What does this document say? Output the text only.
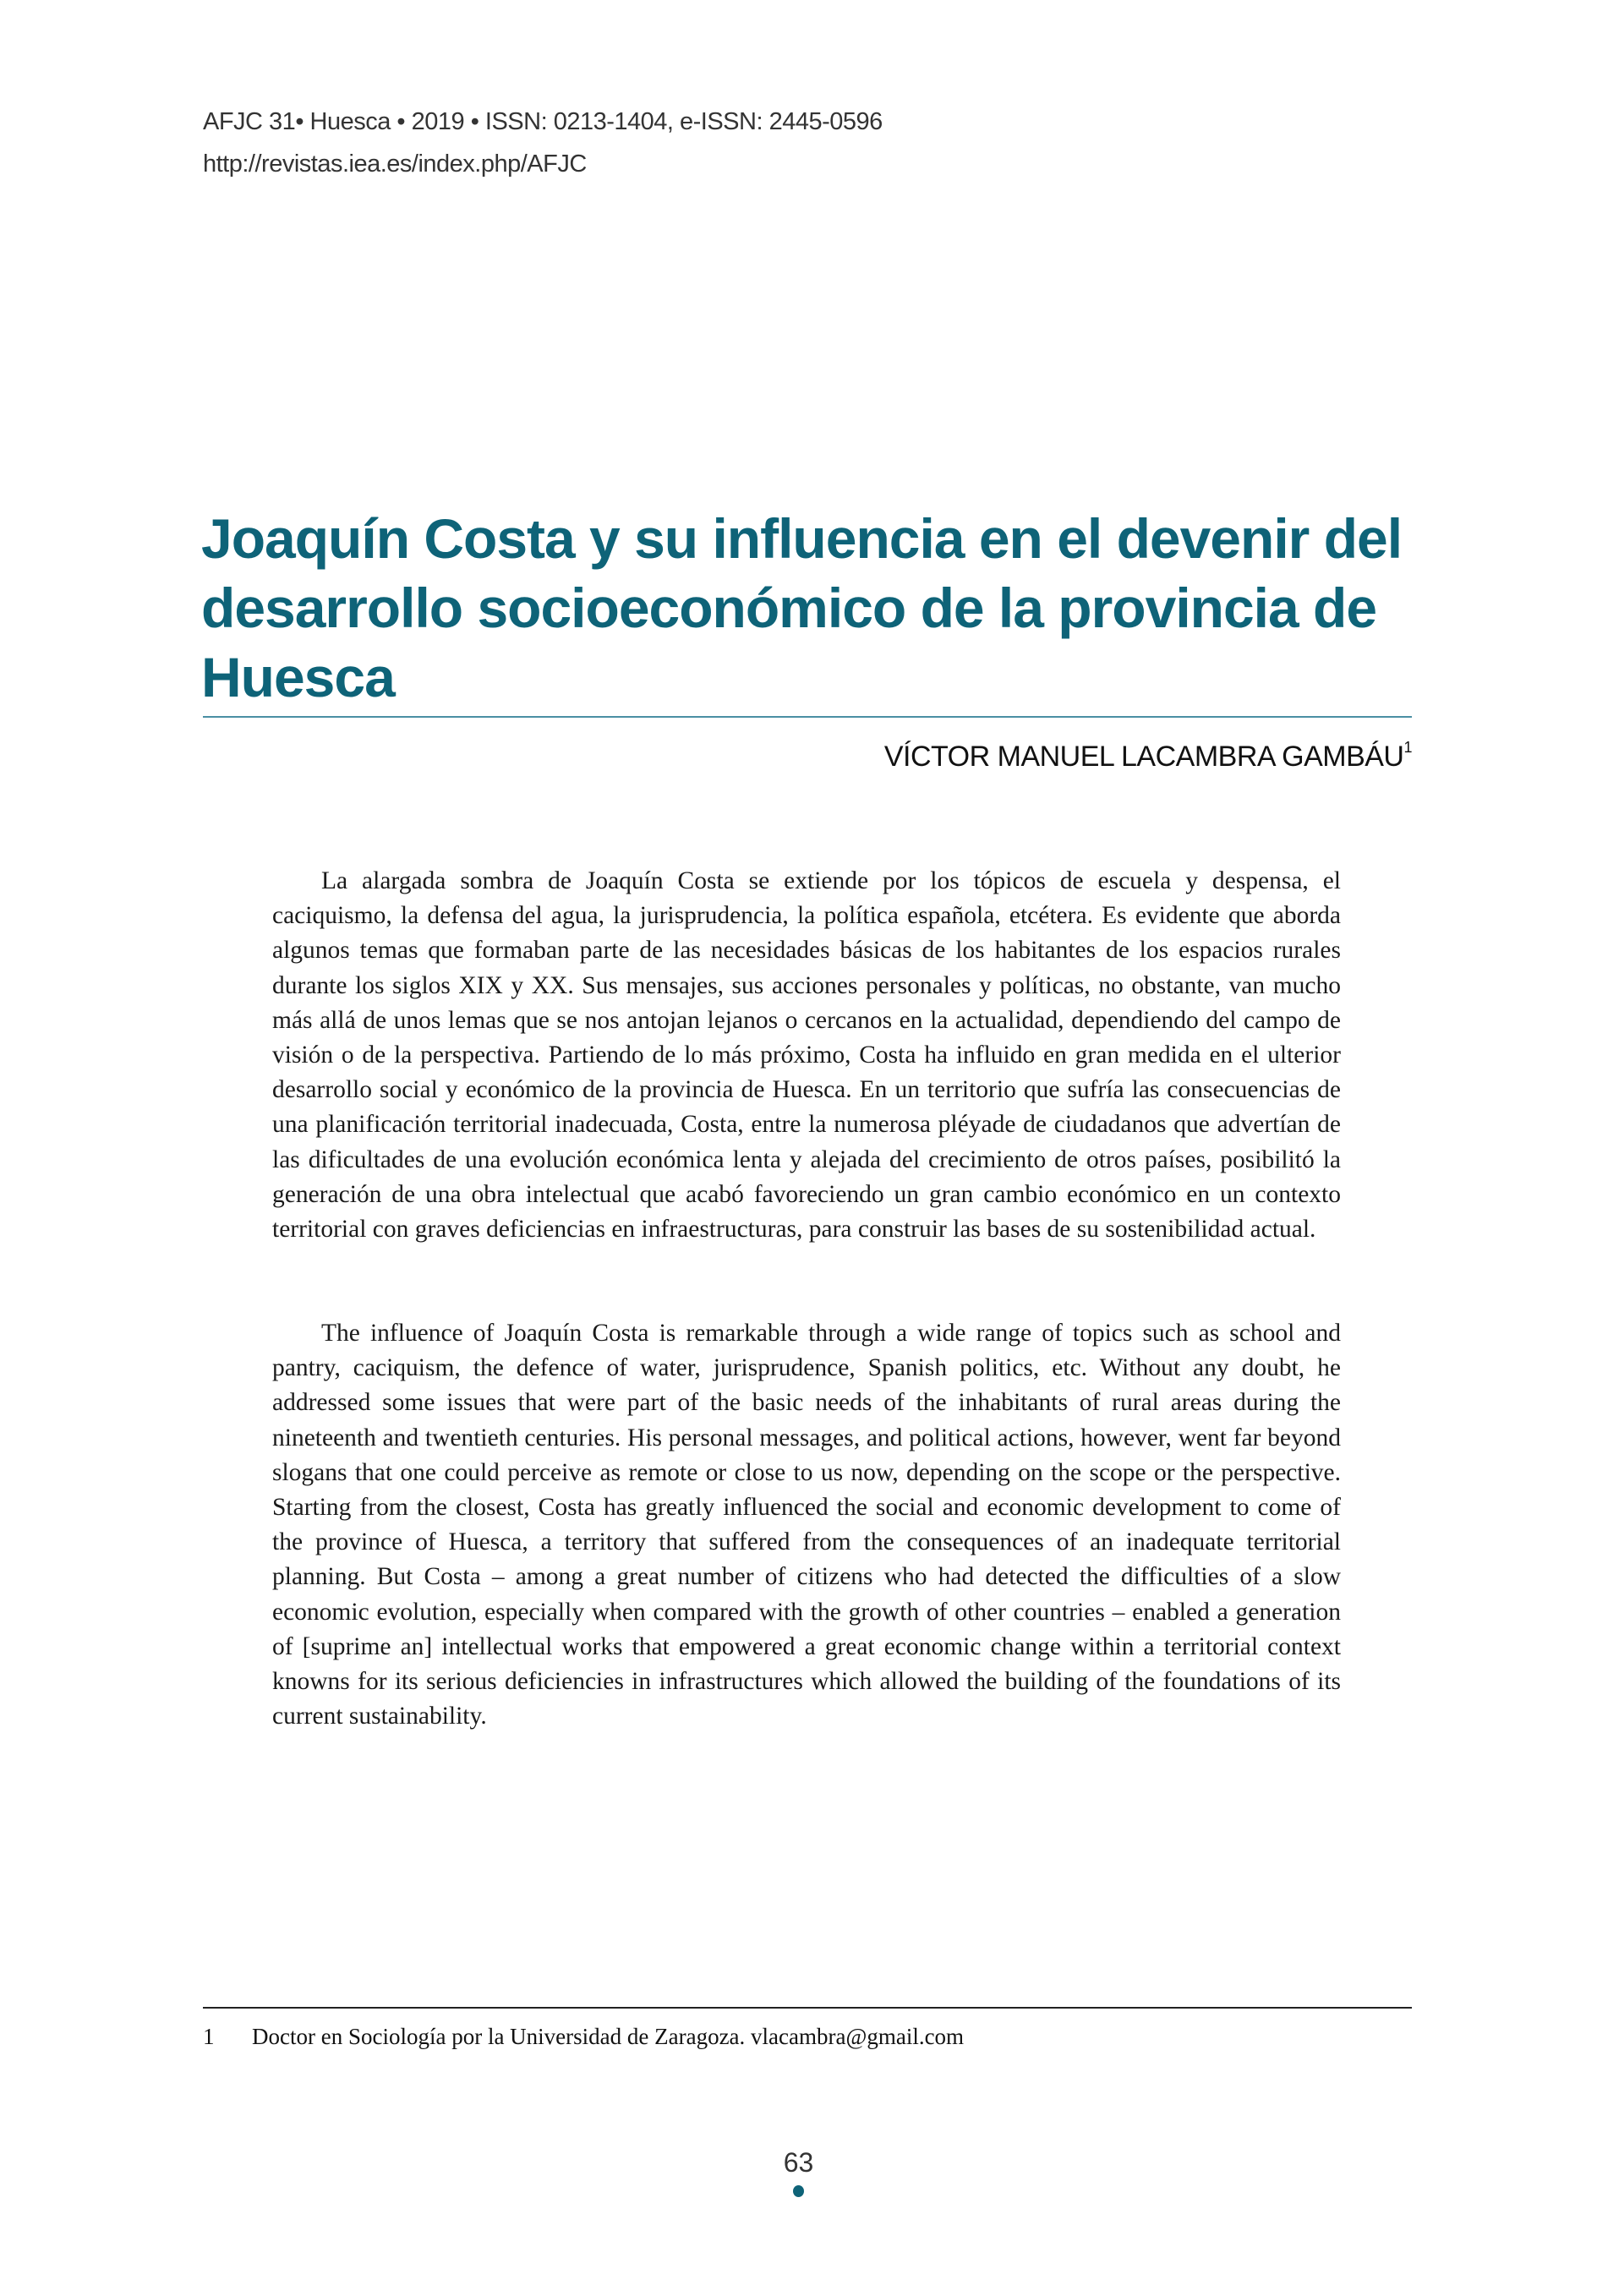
AFJC 31• Huesca • 2019 • ISSN: 0213-1404, e-ISSN: 2445-0596
http://revistas.iea.es/index.php/AFJC
Joaquín Costa y su influencia en el devenir del desarrollo socioeconómico de la provincia de Huesca
VÍCTOR MANUEL LACAMBRA GAMBÁU$^1$

La alargada sombra de Joaquín Costa se extiende por los tópicos de escuela y despensa, el caciquismo, la defensa del agua, la jurisprudencia, la política española, etcétera. Es evidente que aborda algunos temas que formaban parte de las necesidades básicas de los habitantes de los espacios rurales durante los siglos XIX y XX. Sus mensajes, sus acciones personales y políticas, no obstante, van mucho más allá de unos lemas que se nos antojan lejanos o cercanos en la actualidad, dependiendo del campo de visión o de la perspectiva. Partiendo de lo más próximo, Costa ha influido en gran medida en el ulterior desarrollo social y económico de la provincia de Huesca. En un territorio que sufría las consecuencias de una planificación territorial inadecuada, Costa, entre la numerosa pléyade de ciudadanos que advertían de las dificultades de una evolución económica lenta y alejada del crecimiento de otros países, posibilitó la generación de una obra intelectual que acabó favoreciendo un gran cambio económico en un contexto territorial con graves deficiencias en infraestructuras, para construir las bases de su sostenibilidad actual.

The influence of Joaquín Costa is remarkable through a wide range of topics such as school and pantry, caciquism, the defence of water, jurisprudence, Spanish politics, etc. Without any doubt, he addressed some issues that were part of the basic needs of the inhabitants of rural areas during the nineteenth and twentieth centuries. His personal messages, and political actions, however, went far beyond slogans that one could perceive as remote or close to us now, depending on the scope or the perspective. Starting from the closest, Costa has greatly influenced the social and economic development to come of the province of Huesca, a territory that suffered from the consequences of an inadequate territorial planning. But Costa – among a great number of citizens who had detected the difficulties of a slow economic evolution, especially when compared with the growth of other countries – enabled a generation of [suprime an] intellectual works that empowered a great economic change within a territorial context knowns for its serious deficiencies in infrastructures which allowed the building of the foundations of its current sustainability.

1 Doctor en Sociología por la Universidad de Zaragoza. vlacambra@gmail.com
63
